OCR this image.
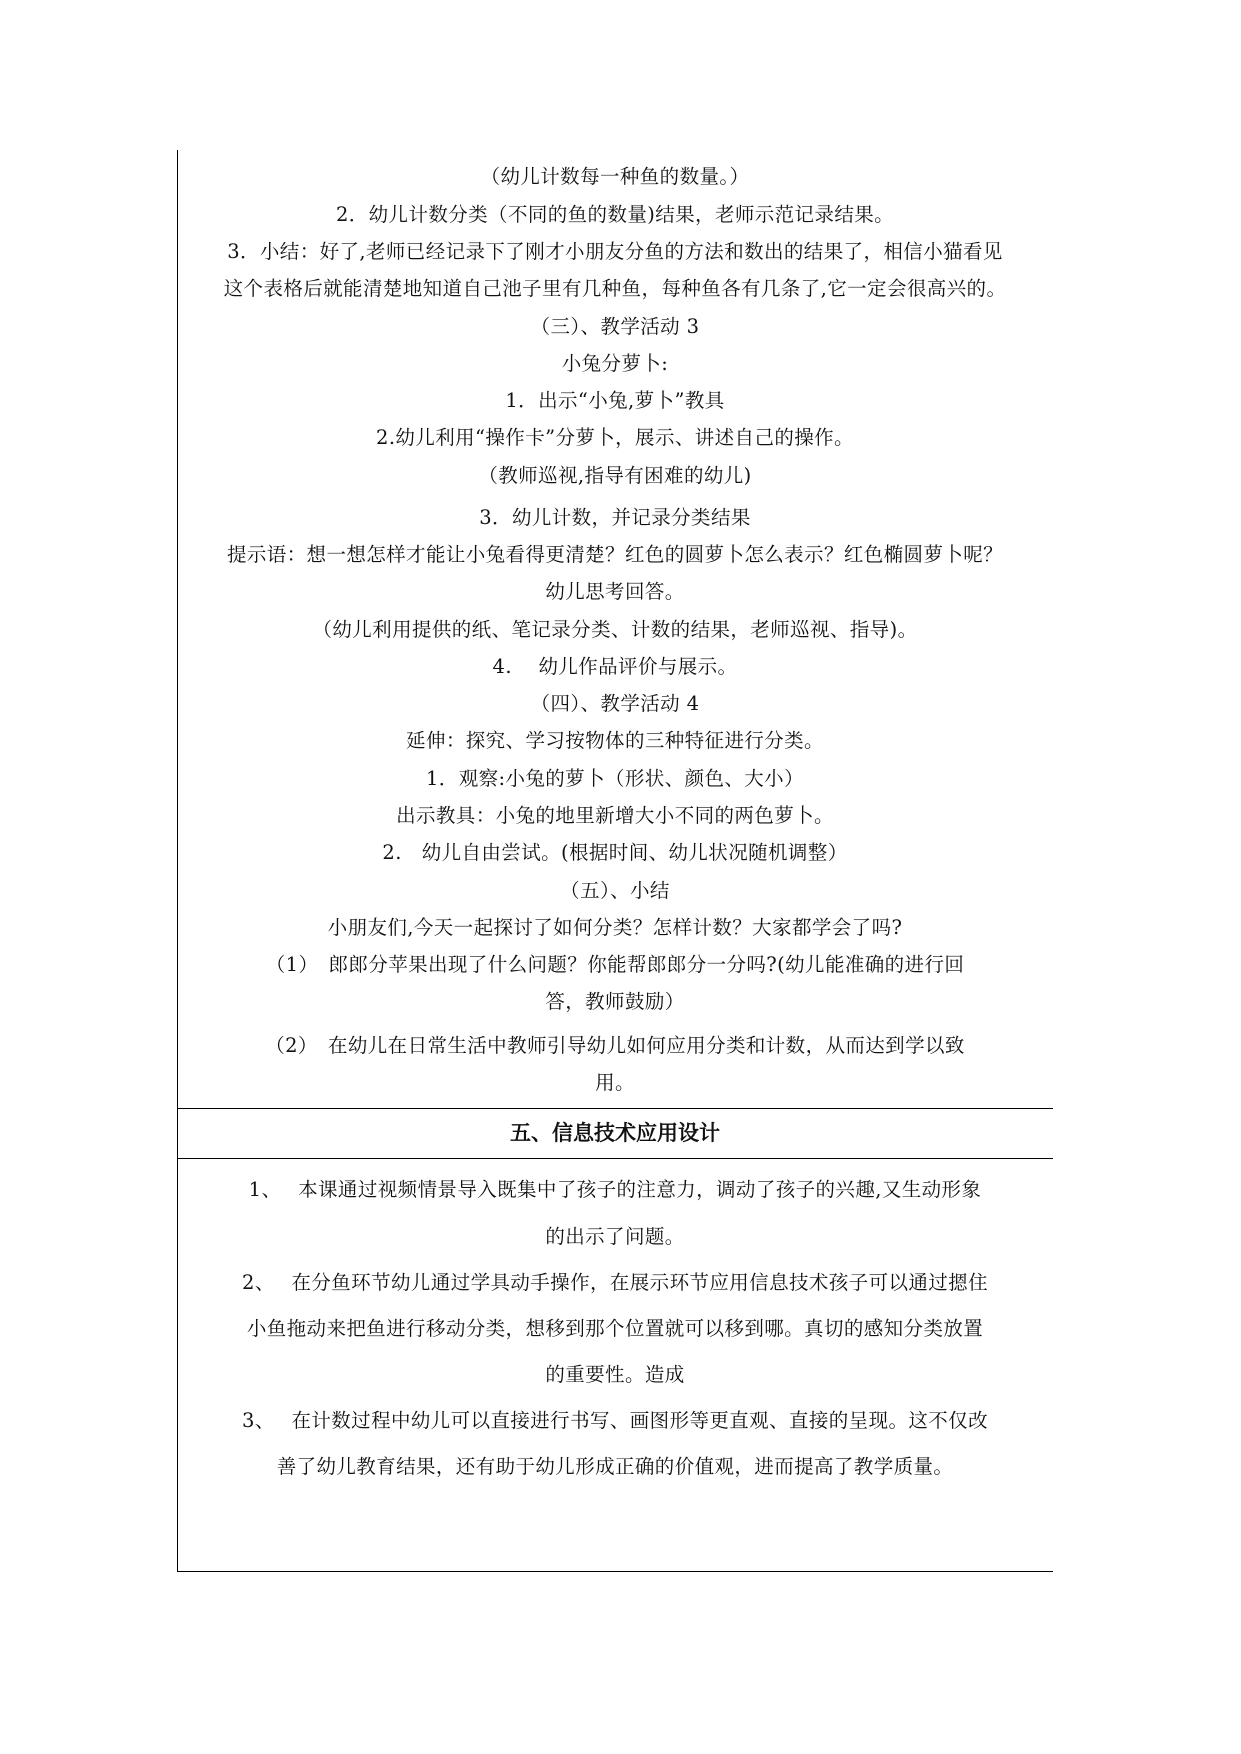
（幼儿计数每一种鱼的数量。）
2．幼儿计数分类（不同的鱼的数量)结果，老师示范记录结果。
3．小结：好了,老师已经记录下了刚才小朋友分鱼的方法和数出的结果了，相信小猫看见
这个表格后就能清楚地知道自己池子里有几种鱼，每种鱼各有几条了,它一定会很高兴的。
（三）、教学活动 3
小兔分萝卜:
1．出示“小兔,萝卜”教具
2.幼儿利用“操作卡”分萝卜，展示、讲述自己的操作。
（教师巡视,指导有困难的幼儿)
3．幼儿计数，并记录分类结果
提示语：想一想怎样才能让小兔看得更清楚？红色的圆萝卜怎么表示？红色椭圆萝卜呢？
幼儿思考回答。
（幼儿利用提供的纸、笔记录分类、计数的结果，老师巡视、指导)。
4.　 幼儿作品评价与展示。
（四）、教学活动 4
延伸：探究、学习按物体的三种特征进行分类。
1．观察:小兔的萝卜（形状、颜色、大小）
出示教具：小兔的地里新增大小不同的两色萝卜。
2.　幼儿自由尝试。(根据时间、幼儿状况随机调整）
（五）、小结
小朋友们,今天一起探讨了如何分类？怎样计数？大家都学会了吗?
（1）　郎郎分苹果出现了什么问题？你能帮郎郎分一分吗?(幼儿能准确的进行回
答，教师鼓励）
（2）　在幼儿在日常生活中教师引导幼儿如何应用分类和计数，从而达到学以致
用。
五、信息技术应用设计
1、　 本课通过视频情景导入既集中了孩子的注意力，调动了孩子的兴趣,又生动形象
的出示了问题。
2、　 在分鱼环节幼儿通过学具动手操作，在展示环节应用信息技术孩子可以通过摁住
小鱼拖动来把鱼进行移动分类，想移到那个位置就可以移到哪。真切的感知分类放置
的重要性。造成
3、　 在计数过程中幼儿可以直接进行书写、画图形等更直观、直接的呈现。这不仅改
善了幼儿教育结果，还有助于幼儿形成正确的价值观，进而提高了教学质量。
